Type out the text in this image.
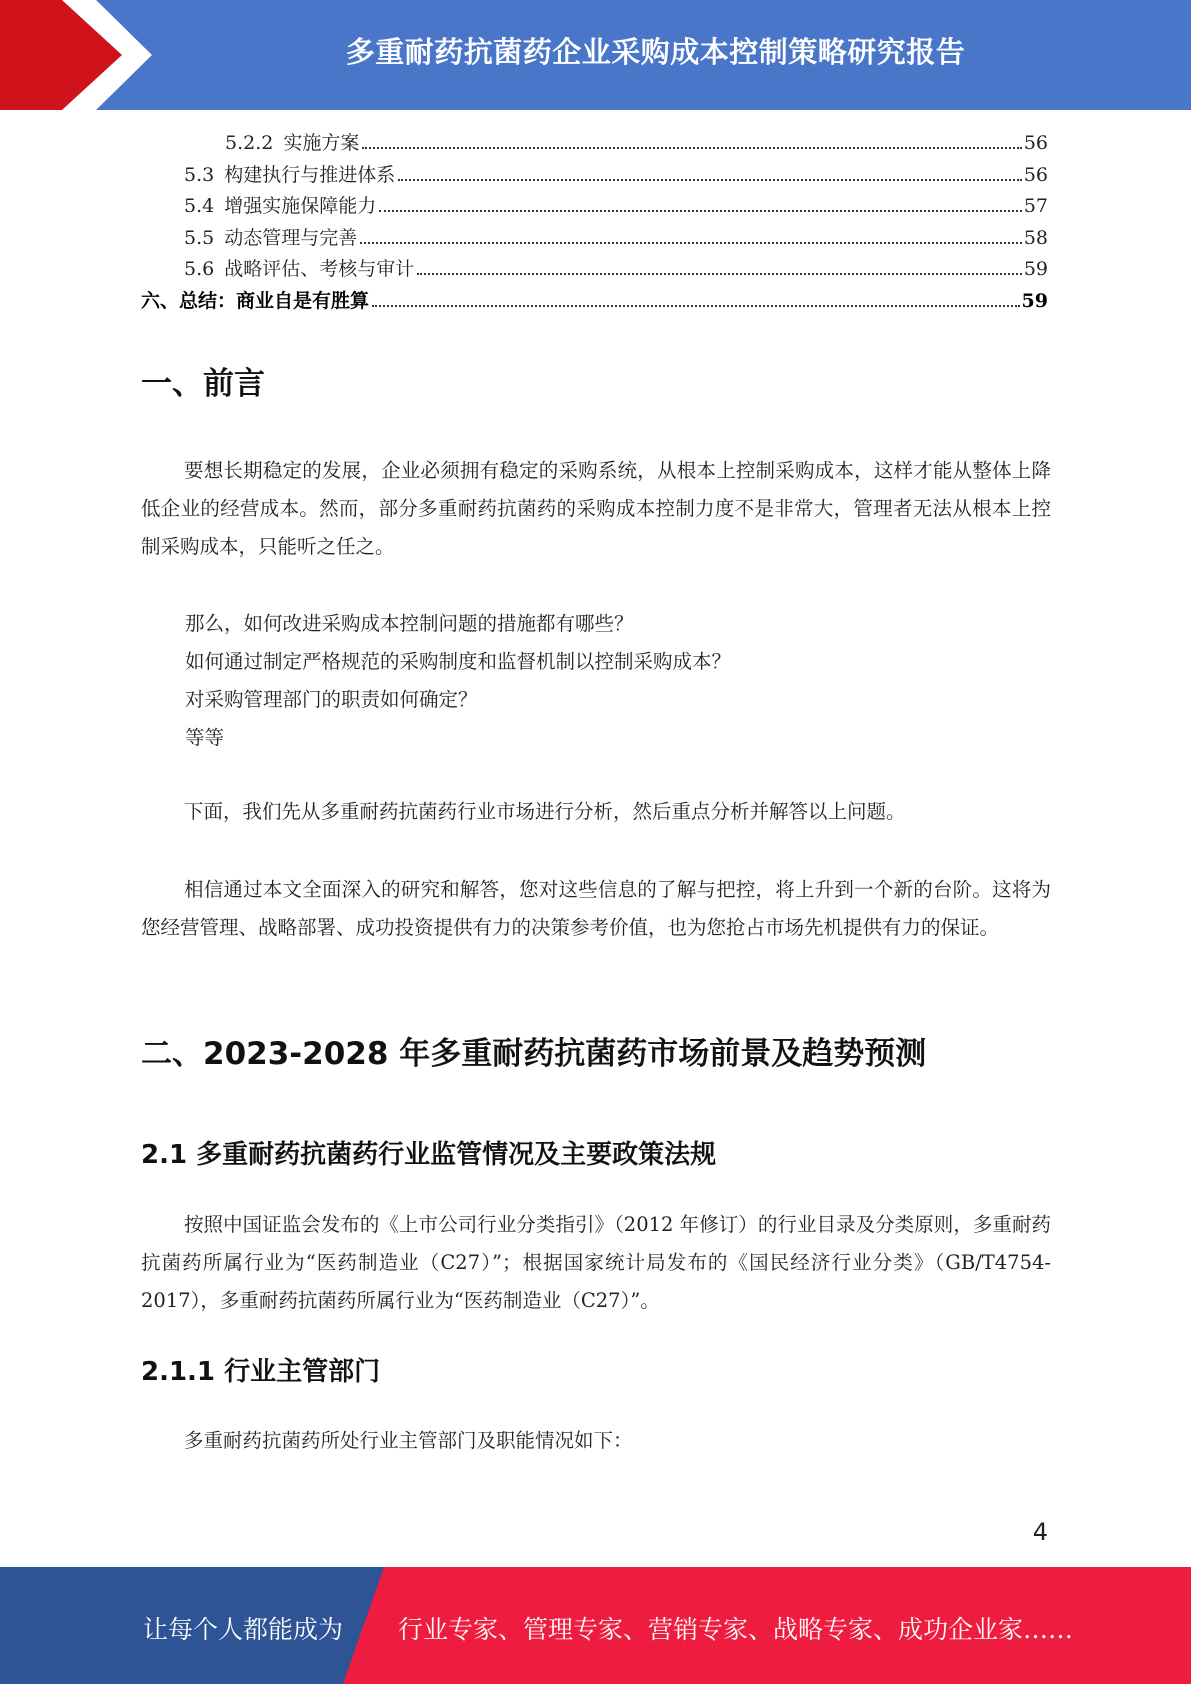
多重耐药抗菌药企业采购成本控制策略研究报告
5.2.2 实施方案	56
5.3 构建执行与推进体系	56
5.4 增强实施保障能力	57
5.5 动态管理与完善	58
5.6 战略评估、考核与审计	59
六、总结：商业自是有胜算	59
一、前言
要想长期稳定的发展，企业必须拥有稳定的采购系统，从根本上控制采购成本，这样才能从整体上降低企业的经营成本。然而，部分多重耐药抗菌药的采购成本控制力度不是非常大，管理者无法从根本上控制采购成本，只能听之任之。
那么，如何改进采购成本控制问题的措施都有哪些？
如何通过制定严格规范的采购制度和监督机制以控制采购成本？
对采购管理部门的职责如何确定？
等等
下面，我们先从多重耐药抗菌药行业市场进行分析，然后重点分析并解答以上问题。
相信通过本文全面深入的研究和解答，您对这些信息的了解与把控，将上升到一个新的台阶。这将为您经营管理、战略部署、成功投资提供有力的决策参考价值，也为您抢占市场先机提供有力的保证。
二、2023-2028 年多重耐药抗菌药市场前景及趋势预测
2.1 多重耐药抗菌药行业监管情况及主要政策法规
按照中国证监会发布的《上市公司行业分类指引》（2012 年修订）的行业目录及分类原则，多重耐药抗菌药所属行业为“医药制造业（C27）”；根据国家统计局发布的《国民经济行业分类》（GB/T4754-2017），多重耐药抗菌药所属行业为“医药制造业（C27）”。
2.1.1 行业主管部门
多重耐药抗菌药所处行业主管部门及职能情况如下：
4
让每个人都能成为 行业专家、管理专家、营销专家、战略专家、成功企业家……
